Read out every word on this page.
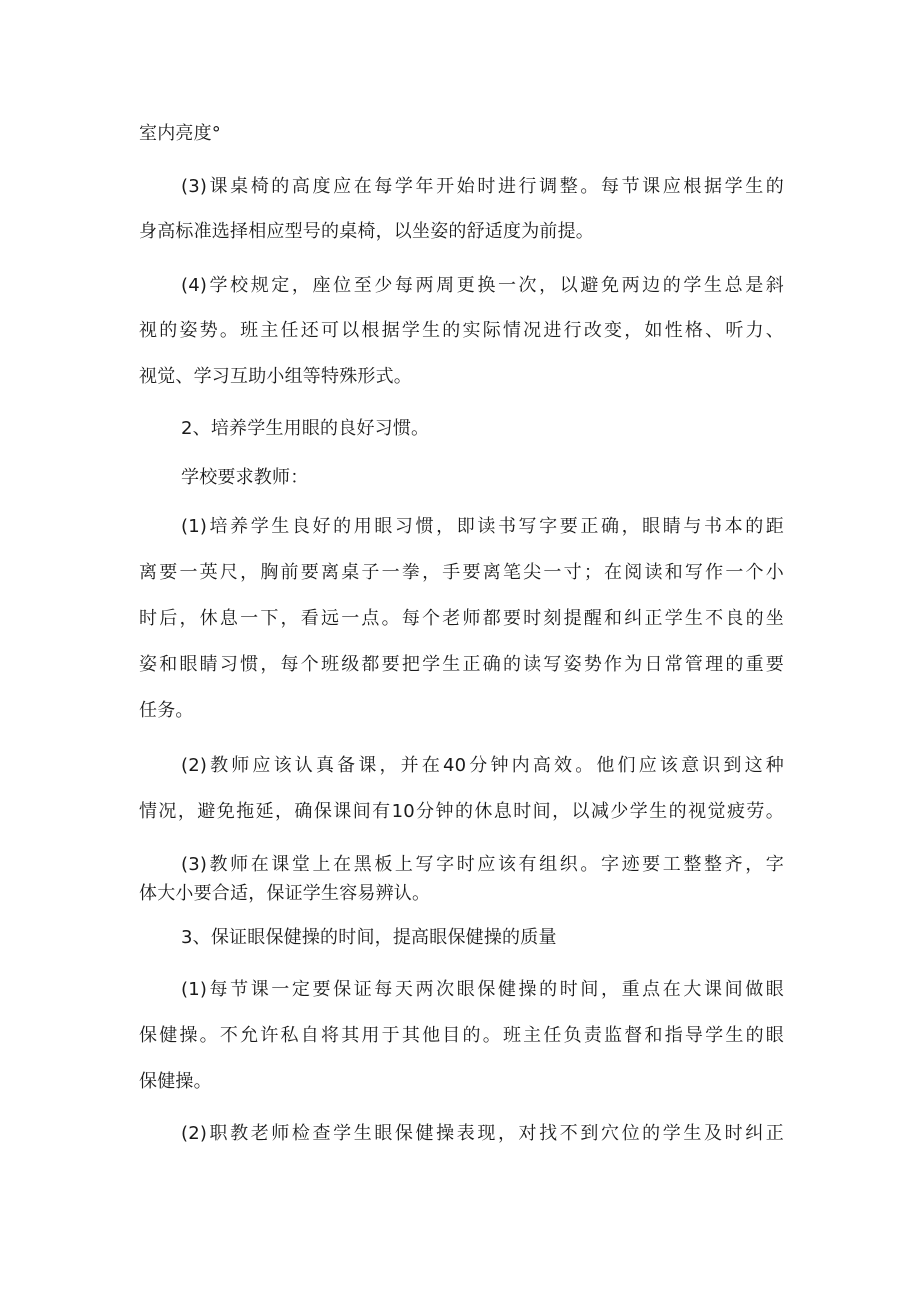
室内亮度°
(3)课桌椅的高度应在每学年开始时进行调整。每节课应根据学生的
身高标准选择相应型号的桌椅，以坐姿的舒适度为前提。
(4)学校规定，座位至少每两周更换一次，以避免两边的学生总是斜
视的姿势。班主任还可以根据学生的实际情况进行改变，如性格、听力、
视觉、学习互助小组等特殊形式。
2、培养学生用眼的良好习惯。
学校要求教师：
(1)培养学生良好的用眼习惯，即读书写字要正确，眼睛与书本的距
离要一英尺，胸前要离桌子一拳，手要离笔尖一寸；在阅读和写作一个小
时后，休息一下，看远一点。每个老师都要时刻提醒和纠正学生不良的坐
姿和眼睛习惯，每个班级都要把学生正确的读写姿势作为日常管理的重要
任务。
(2)教师应该认真备课，并在40分钟内高效。他们应该意识到这种
情况，避免拖延，确保课间有10分钟的休息时间，以减少学生的视觉疲劳。
(3)教师在课堂上在黑板上写字时应该有组织。字迹要工整整齐，字
体大小要合适，保证学生容易辨认。
3、保证眼保健操的时间，提高眼保健操的质量
(1)每节课一定要保证每天两次眼保健操的时间，重点在大课间做眼
保健操。不允许私自将其用于其他目的。班主任负责监督和指导学生的眼
保健操。
(2)职教老师检查学生眼保健操表现，对找不到穴位的学生及时纠正
